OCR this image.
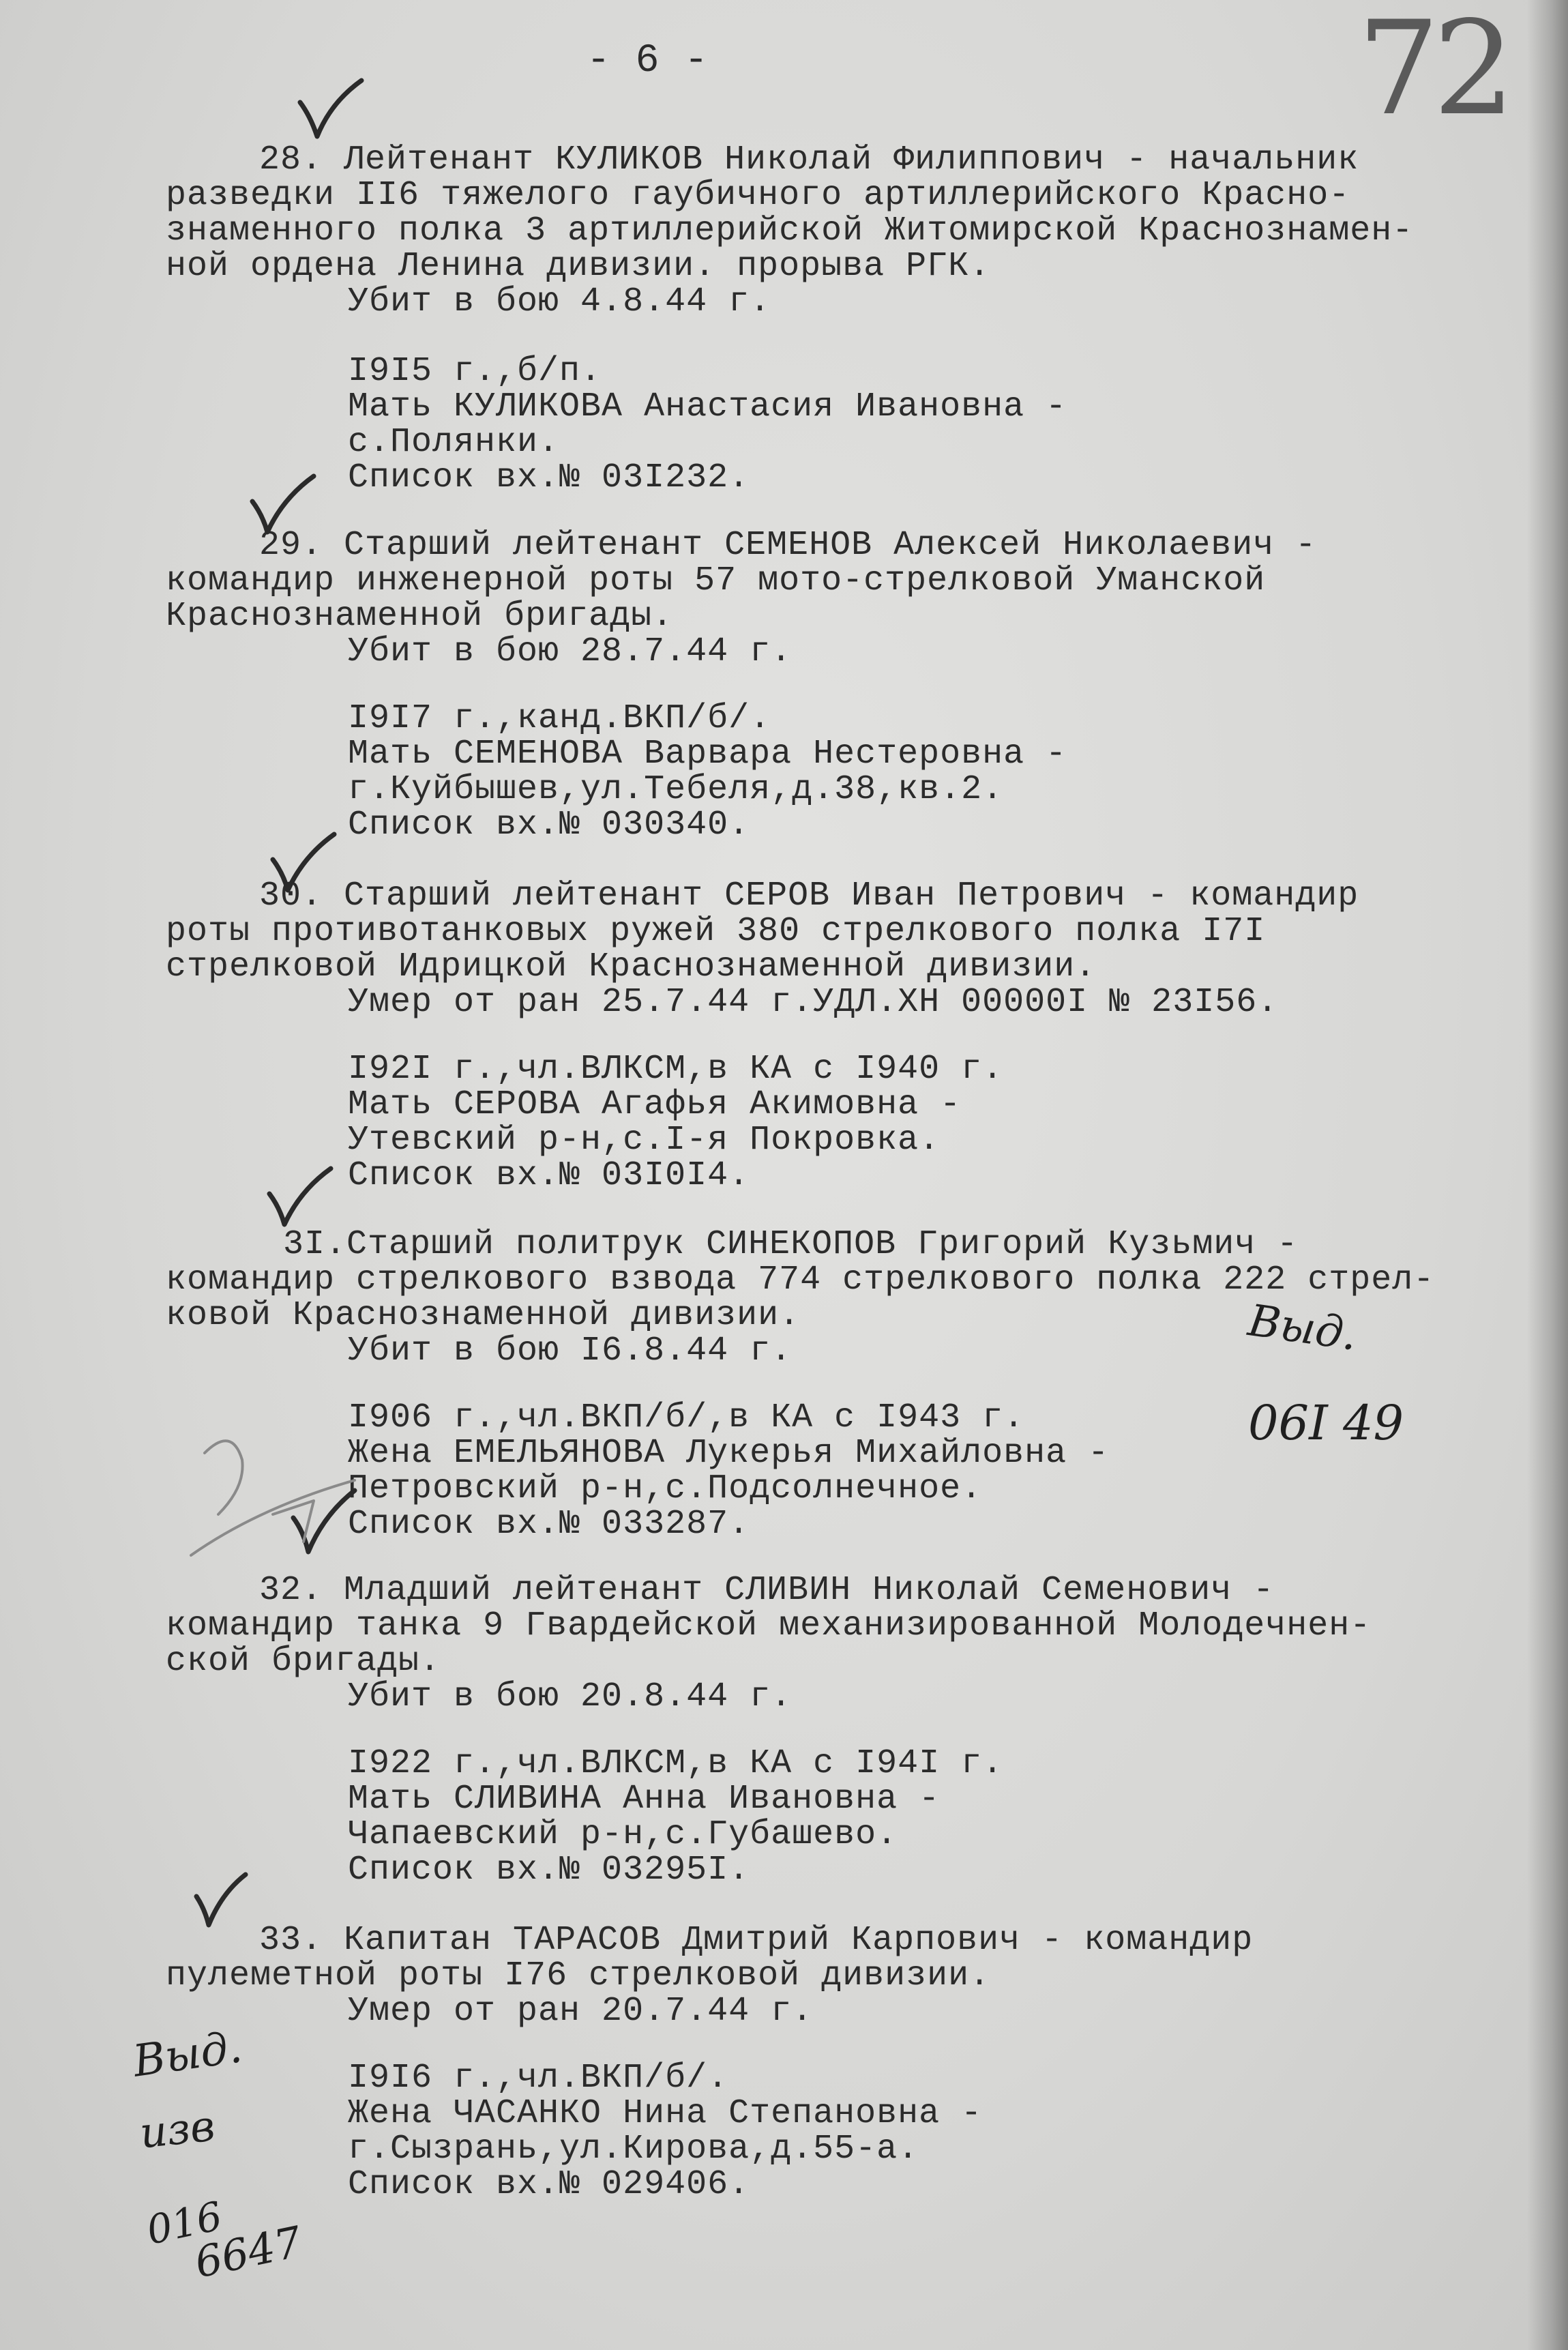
- 6 -	72
28. Лейтенант КУЛИКОВ Николай Филиппович - начальник
разведки II6 тяжелого гаубичного артиллерийского Красно-
знаменного полка 3 артиллерийской Житомирской Краснознамен-
ной ордена Ленина дивизии. прорыва РГК.
Убит в бою 4.8.44 г.
I9I5 г.,б/п.
Мать КУЛИКОВА Анастасия Ивановна -
с.Полянки.
Список вх.№ 03I232.
29. Старший лейтенант СЕМЕНОВ Алексей Николаевич -
командир инженерной роты 57 мото-стрелковой Уманской
Краснознаменной бригады.
Убит в бою 28.7.44 г.
I9I7 г.,канд.ВКП/б/.
Мать СЕМЕНОВА Варвара Нестеровна -
г.Куйбышев,ул.Тебеля,д.38,кв.2.
Список вх.№ 030340.
30. Старший лейтенант СЕРОВ Иван Петрович - командир
роты противотанковых ружей 380 стрелкового полка I7I
стрелковой Идрицкой Краснознаменной дивизии.
Умер от ран 25.7.44 г.УДЛ.ХН 00000I № 23I56.
I92I г.,чл.ВЛКСМ,в КА с I940 г.
Мать СЕРОВА Агафья Акимовна -
Утевский р-н,с.I-я Покровка.
Список вх.№ 03I0I4.
3I.Старший политрук СИНЕКОПОВ Григорий Кузьмич -
командир стрелкового взвода 774 стрелкового полка 222 стрел-
ковой Краснознаменной дивизии.
Убит в бою I6.8.44 г.
I906 г.,чл.ВКП/б/,в КА с I943 г.
Жена ЕМЕЛЬЯНОВА Лукерья Михайловна -
Петровский р-н,с.Подсолнечное.
Список вх.№ 033287.
32. Младший лейтенант СЛИВИН Николай Семенович -
командир танка 9 Гвардейской механизированной Молодечнен-
ской бригады.
Убит в бою 20.8.44 г.
I922 г.,чл.ВЛКСМ,в КА с I94I г.
Мать СЛИВИНА Анна Ивановна -
Чапаевский р-н,с.Губашево.
Список вх.№ 03295I.
33. Капитан ТАРАСОВ Дмитрий Карпович - командир
пулеметной роты I76 стрелковой дивизии.
Умер от ран 20.7.44 г.
I9I6 г.,чл.ВКП/б/.
Жена ЧАСАНКО Нина Степановна -
г.Сызрань,ул.Кирова,д.55-а.
Список вх.№ 029406.
Выд.
06I 49
Выд.
изв
016
6647
